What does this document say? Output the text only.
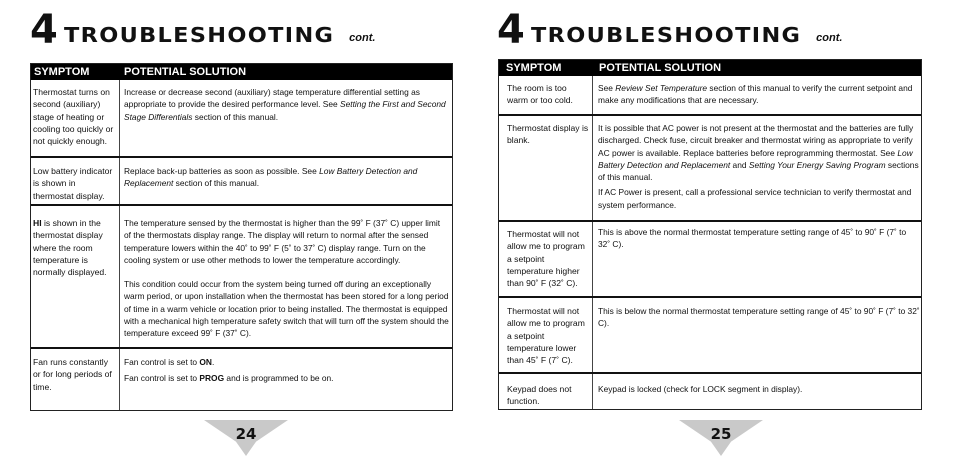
4 TROUBLESHOOTING cont.
SYMPTOM	POTENTIAL SOLUTION
Thermostat turns on second (auxiliary) stage of heating or cooling too quickly or not quickly enough.
Increase or decrease second (auxiliary) stage temperature differential setting as appropriate to provide the desired performance level. See Setting the First and Second Stage Differentials section of this manual.
Low battery indicator is shown in thermostat display.
Replace back-up batteries as soon as possible. See Low Battery Detection and Replacement section of this manual.
HI is shown in the thermostat display where the room temperature is normally displayed.

The temperature sensed by the thermostat is higher than the 99˚ F (37˚ C) upper limit of the thermostats display range. The display will return to normal after the sensed temperature lowers within the 40˚ to 99˚ F (5˚ to 37˚ C) display range. Turn on the cooling system or use other methods to lower the temperature accordingly.

This condition could occur from the system being turned off during an exceptionally warm period, or upon installation when the thermostat has been stored for a long period of time in a warm vehicle or location prior to being installed. The thermostat is equipped with a mechanical high temperature safety switch that will turn off the system should the temperature exceed 99˚ F (37˚ C).

Fan runs constantly or for long periods of time.

Fan control is set to ON.

Fan control is set to PROG and is programmed to be on.

24
4 TROUBLESHOOTING cont.
SYMPTOM	POTENTIAL SOLUTION
The room is too warm or too cold.
See Review Set Temperature section of this manual to verify the current setpoint and make any modifications that are necessary.
Thermostat display is blank.

It is possible that AC power is not present at the thermostat and the batteries are fully discharged. Check fuse, circuit breaker and thermostat wiring as appropriate to verify AC power is available. Replace batteries before reprogramming thermostat. See Low Battery Detection and Replacement and Setting Your Energy Saving Program sections of this manual.

If AC Power is present, call a professional service technician to verify thermostat and system performance.

Thermostat will not allow me to program a setpoint temperature higher than 90˚ F (32˚ C).
This is above the normal thermostat temperature setting range of 45˚ to 90˚ F (7˚ to 32˚ C).
Thermostat will not allow me to program a setpoint temperature lower than 45˚ F (7˚ C).
This is below the normal thermostat temperature setting range of 45˚ to 90˚ F (7˚ to 32˚ C).
Keypad does not function.
Keypad is locked (check for LOCK segment in display).
25
